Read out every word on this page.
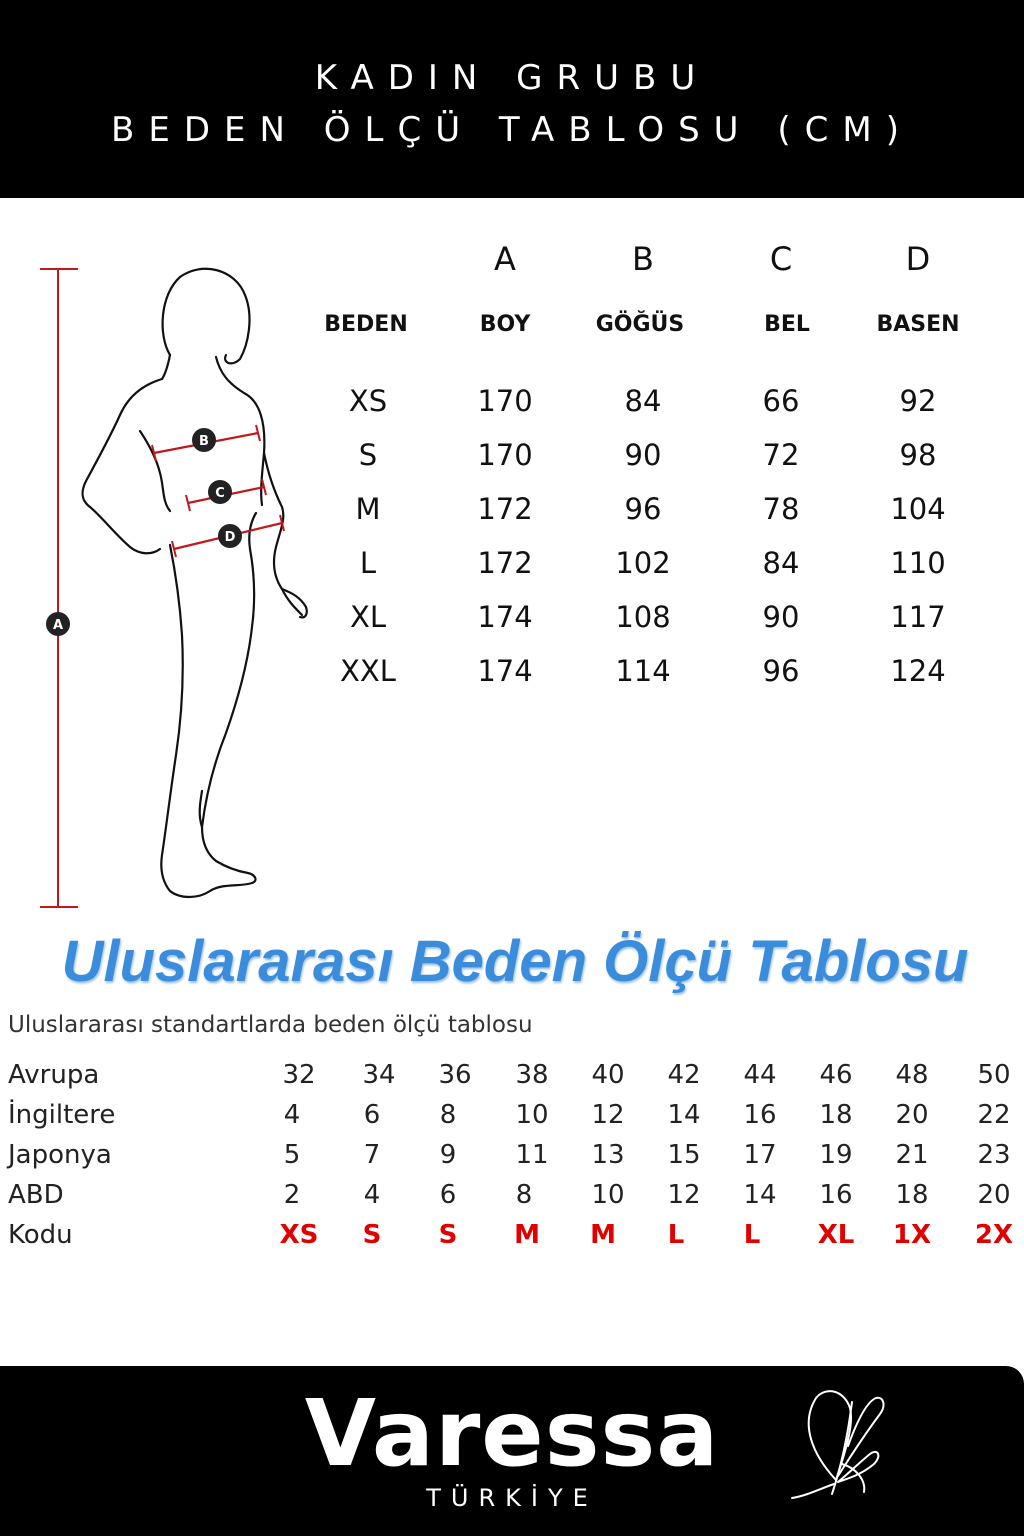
KADIN GRUBU
BEDEN ÖLÇÜ TABLOSU (CM)
A
B
C
D
A	B	C	D
BEDEN	BOY	GÖĞÜS	BEL	BASEN
XS	170	84	66	92
S	170	90	72	98
M	172	96	78	104
L	172	102	84	110
XL	174	108	90	117
XXL	174	114	96	124
Uluslararası Beden Ölçü Tablosu
Uluslararası standartlarda beden ölçü tablosu
Avrupa	32	34	36	38	40	42	44	46	48	50
İngiltere	4	6	8	10	12	14	16	18	20	22
Japonya	5	7	9	11	13	15	17	19	21	23
ABD	2	4	6	8	10	12	14	16	18	20
Kodu	XS	S	S	M	M	L	L	XL	1X	2X
Varessa
TÜRKİYE
